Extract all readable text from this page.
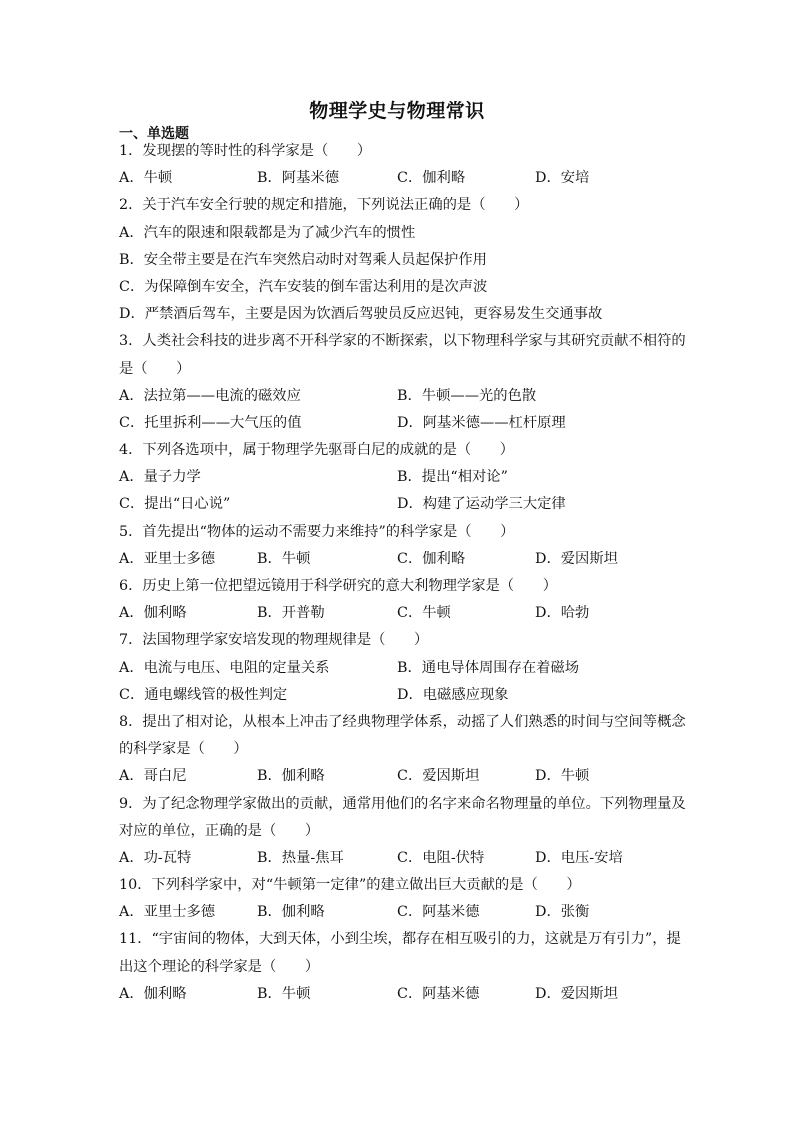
物理学史与物理常识
一、单选题
1．发现摆的等时性的科学家是（　　）
A．牛顿	B．阿基米德	C．伽利略	D．安培
2．关于汽车安全行驶的规定和措施，下列说法正确的是（　　）
A．汽车的限速和限载都是为了减少汽车的惯性
B．安全带主要是在汽车突然启动时对驾乘人员起保护作用
C．为保障倒车安全，汽车安装的倒车雷达利用的是次声波
D．严禁酒后驾车，主要是因为饮酒后驾驶员反应迟钝，更容易发生交通事故
3．人类社会科技的进步离不开科学家的不断探索，以下物理科学家与其研究贡献不相符的
是（　　）
A．法拉第——电流的磁效应	B．牛顿——光的色散
C．托里拆利——大气压的值	D．阿基米德——杠杆原理
4．下列各选项中，属于物理学先驱哥白尼的成就的是（　　）
A．量子力学	B．提出“相对论”
C．提出“日心说”	D．构建了运动学三大定律
5．首先提出“物体的运动不需要力来维持”的科学家是（　　）
A．亚里士多德	B．牛顿	C．伽利略	D．爱因斯坦
6．历史上第一位把望远镜用于科学研究的意大利物理学家是（　　）
A．伽利略	B．开普勒	C．牛顿	D．哈勃
7．法国物理学家安培发现的物理规律是（　　）
A．电流与电压、电阻的定量关系	B．通电导体周围存在着磁场
C．通电螺线管的极性判定	D．电磁感应现象
8．提出了相对论，从根本上冲击了经典物理学体系，动摇了人们熟悉的时间与空间等概念
的科学家是（　　）
A．哥白尼	B．伽利略	C．爱因斯坦	D．牛顿
9．为了纪念物理学家做出的贡献，通常用他们的名字来命名物理量的单位。下列物理量及
对应的单位，正确的是（　　）
A．功-瓦特	B．热量-焦耳	C．电阻-伏特	D．电压-安培
10．下列科学家中，对“牛顿第一定律”的建立做出巨大贡献的是（　　）
A．亚里士多德	B．伽利略	C．阿基米德	D．张衡
11．“宇宙间的物体，大到天体，小到尘埃，都存在相互吸引的力，这就是万有引力”，提
出这个理论的科学家是（　　）
A．伽利略	B．牛顿	C．阿基米德	D．爱因斯坦
